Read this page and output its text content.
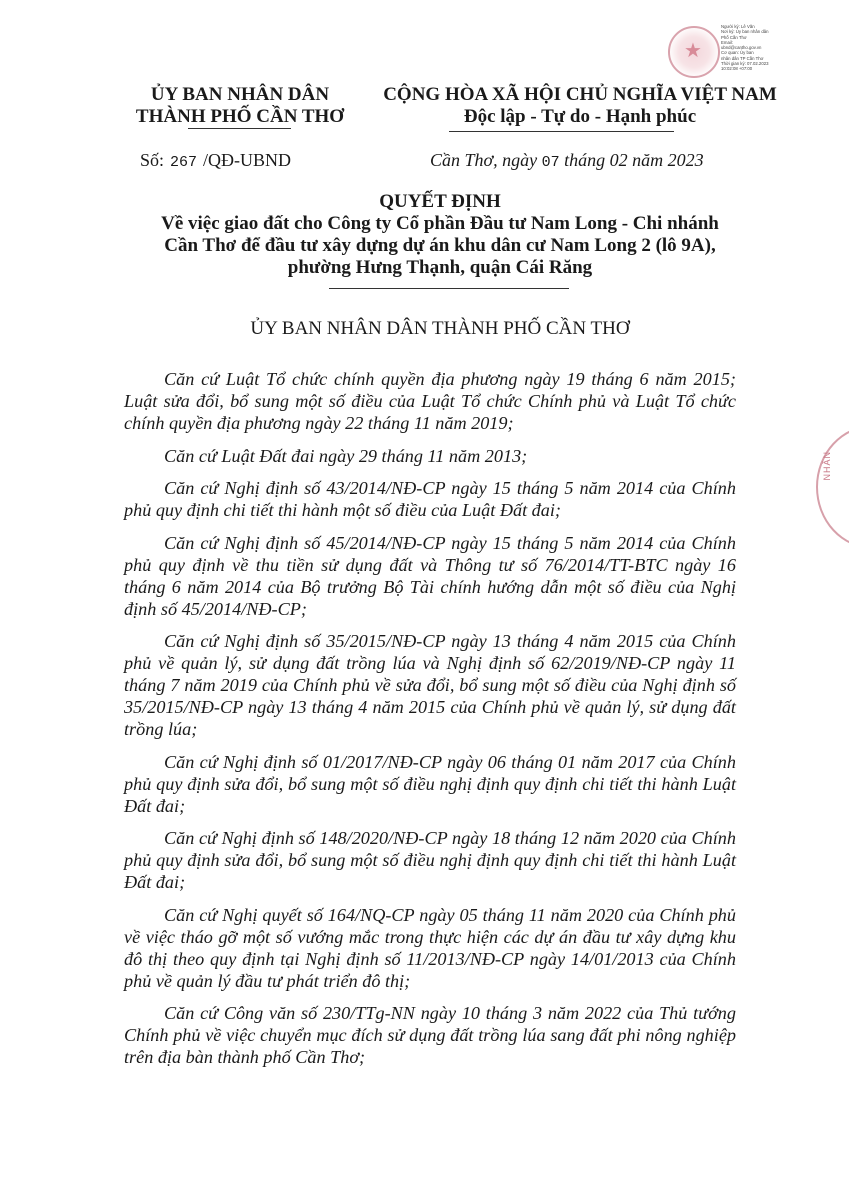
★
Người ký: Lê Văn
Nơi ký: Ủy ban nhân dân
Phố Cần Thơ
Email:
ubnd@cantho.gov.vn
Cơ quan: Ủy ban
nhân dân TP Cần Thơ
Thời gian ký: 07.02.2023
10:02:08 +07:00
NHÂN
ỦY BAN NHÂN DÂN
THÀNH PHỐ CẦN THƠ
CỘNG HÒA XÃ HỘI CHỦ NGHĨA VIỆT NAM
Độc lập - Tự do - Hạnh phúc
Số: 267 /QĐ-UBND	Cần Thơ, ngày 07 tháng 02 năm 2023
QUYẾT ĐỊNH
Về việc giao đất cho Công ty Cổ phần Đầu tư Nam Long - Chi nhánh
Cần Thơ để đầu tư xây dựng dự án khu dân cư Nam Long 2 (lô 9A),
phường Hưng Thạnh, quận Cái Răng
ỦY BAN NHÂN DÂN THÀNH PHỐ CẦN THƠ

Căn cứ Luật Tổ chức chính quyền địa phương ngày 19 tháng 6 năm 2015; Luật sửa đổi, bổ sung một số điều của Luật Tổ chức Chính phủ và Luật Tổ chức chính quyền địa phương ngày 22 tháng 11 năm 2019;

Căn cứ Luật Đất đai ngày 29 tháng 11 năm 2013;

Căn cứ Nghị định số 43/2014/NĐ-CP ngày 15 tháng 5 năm 2014 của Chính phủ quy định chi tiết thi hành một số điều của Luật Đất đai;

Căn cứ Nghị định số 45/2014/NĐ-CP ngày 15 tháng 5 năm 2014 của Chính phủ quy định về thu tiền sử dụng đất và Thông tư số 76/2014/TT-BTC ngày 16 tháng 6 năm 2014 của Bộ trưởng Bộ Tài chính hướng dẫn một số điều của Nghị định số 45/2014/NĐ-CP;

Căn cứ Nghị định số 35/2015/NĐ-CP ngày 13 tháng 4 năm 2015 của Chính phủ về quản lý, sử dụng đất trồng lúa và Nghị định số 62/2019/NĐ-CP ngày 11 tháng 7 năm 2019 của Chính phủ về sửa đổi, bổ sung một số điều của Nghị định số 35/2015/NĐ-CP ngày 13 tháng 4 năm 2015 của Chính phủ về quản lý, sử dụng đất trồng lúa;

Căn cứ Nghị định số 01/2017/NĐ-CP ngày 06 tháng 01 năm 2017 của Chính phủ quy định sửa đổi, bổ sung một số điều nghị định quy định chi tiết thi hành Luật Đất đai;

Căn cứ Nghị định số 148/2020/NĐ-CP ngày 18 tháng 12 năm 2020 của Chính phủ quy định sửa đổi, bổ sung một số điều nghị định quy định chi tiết thi hành Luật Đất đai;

Căn cứ Nghị quyết số 164/NQ-CP ngày 05 tháng 11 năm 2020 của Chính phủ về việc tháo gỡ một số vướng mắc trong thực hiện các dự án đầu tư xây dựng khu đô thị theo quy định tại Nghị định số 11/2013/NĐ-CP ngày 14/01/2013 của Chính phủ về quản lý đầu tư phát triển đô thị;

Căn cứ Công văn số 230/TTg-NN ngày 10 tháng 3 năm 2022 của Thủ tướng Chính phủ về việc chuyển mục đích sử dụng đất trồng lúa sang đất phi nông nghiệp trên địa bàn thành phố Cần Thơ;
